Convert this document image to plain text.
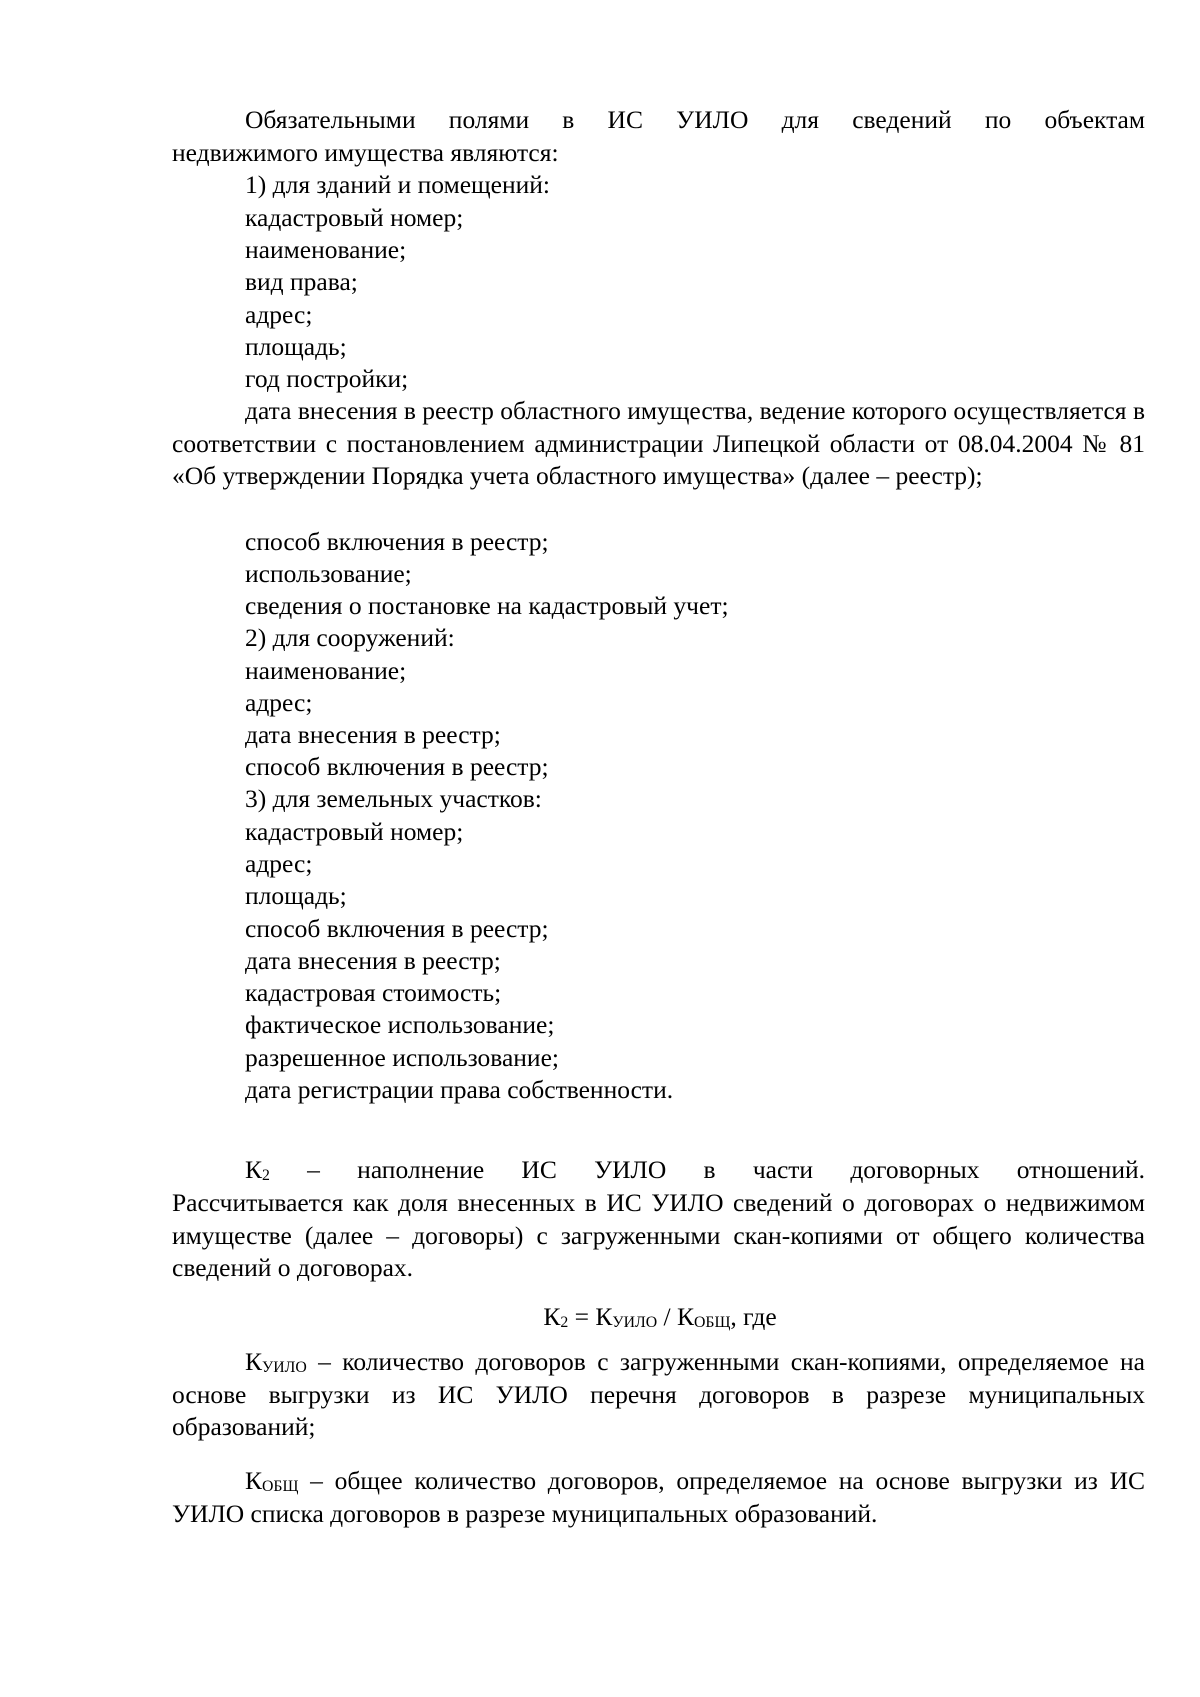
Обязательными полями в ИС УИЛО для сведений по объектам
недвижимого имущества являются:
1) для зданий и помещений:
кадастровый номер;
наименование;
вид права;
адрес;
площадь;
год постройки;
дата внесения в реестр областного имущества, ведение которого осуществляется в соответствии с постановлением администрации Липецкой области от 08.04.2004 № 81 «Об утверждении Порядка учета областного имущества» (далее – реестр);
способ включения в реестр;
использование;
сведения о постановке на кадастровый учет;
2) для сооружений:
наименование;
адрес;
дата внесения в реестр;
способ включения в реестр;
3) для земельных участков:
кадастровый номер;
адрес;
площадь;
способ включения в реестр;
дата внесения в реестр;
кадастровая стоимость;
фактическое использование;
разрешенное использование;
дата регистрации права собственности.
$К_2$ – наполнение ИС УИЛО в части договорных отношений.
Рассчитывается как доля внесенных в ИС УИЛО сведений о договорах о недвижимом имуществе (далее – договоры) с загруженными скан-копиями от общего количества сведений о договорах.
$К_2 = К_{УИЛО} / К_{ОБЩ}$, где
$К_{УИЛО}$ – количество договоров с загруженными скан-копиями, определяемое на основе выгрузки из ИС УИЛО перечня договоров в разрезе муниципальных образований;
$К_{ОБЩ}$ – общее количество договоров, определяемое на основе выгрузки из ИС УИЛО списка договоров в разрезе муниципальных образований.
